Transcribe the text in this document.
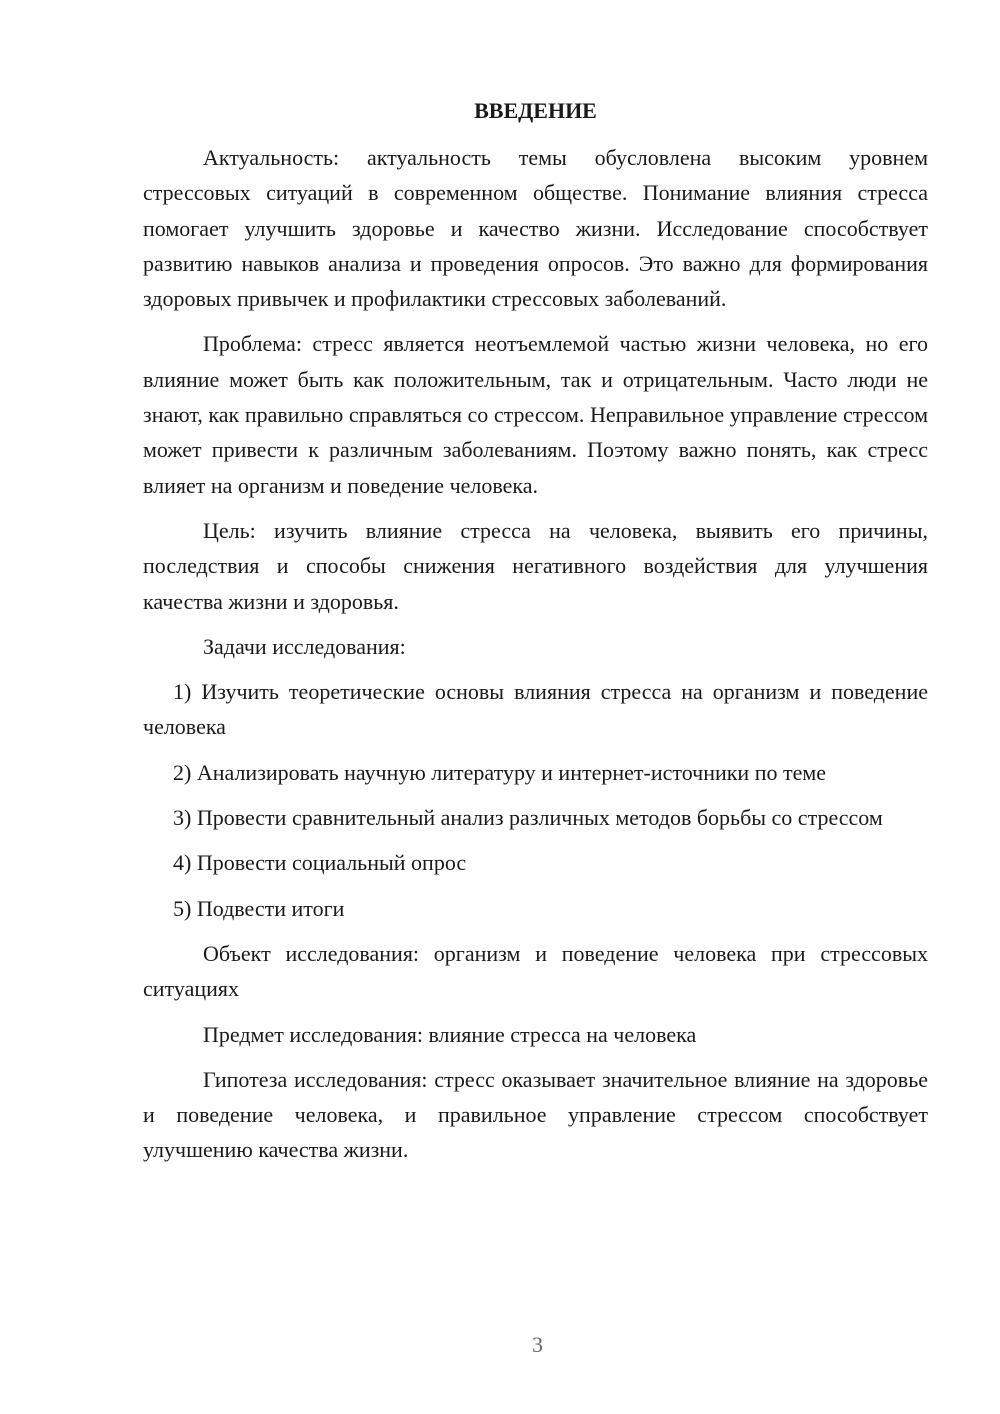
ВВЕДЕНИЕ

Актуальность: актуальность темы обусловлена высоким уровнем стрессовых ситуаций в современном обществе. Понимание влияния стресса помогает улучшить здоровье и качество жизни. Исследование способствует развитию навыков анализа и проведения опросов. Это важно для формирования здоровых привычек и профилактики стрессовых заболеваний.

Проблема: стресс является неотъемлемой частью жизни человека, но его влияние может быть как положительным, так и отрицательным. Часто люди не знают, как правильно справляться со стрессом. Неправильное управление стрессом может привести к различным заболеваниям. Поэтому важно понять, как стресс влияет на организм и поведение человека.

Цель: изучить влияние стресса на человека, выявить его причины, последствия и способы снижения негативного воздействия для улучшения качества жизни и здоровья.

Задачи исследования:

1) Изучить теоретические основы влияния стресса на организм и поведение человека

2) Анализировать научную литературу и интернет-источники по теме

3) Провести сравнительный анализ различных методов борьбы со стрессом

4) Провести социальный опрос

5) Подвести итоги

Объект исследования: организм и поведение человека при стрессовых ситуациях

Предмет исследования: влияние стресса на человека

Гипотеза исследования: стресс оказывает значительное влияние на здоровье и поведение человека, и правильное управление стрессом способствует улучшению качества жизни.

3
